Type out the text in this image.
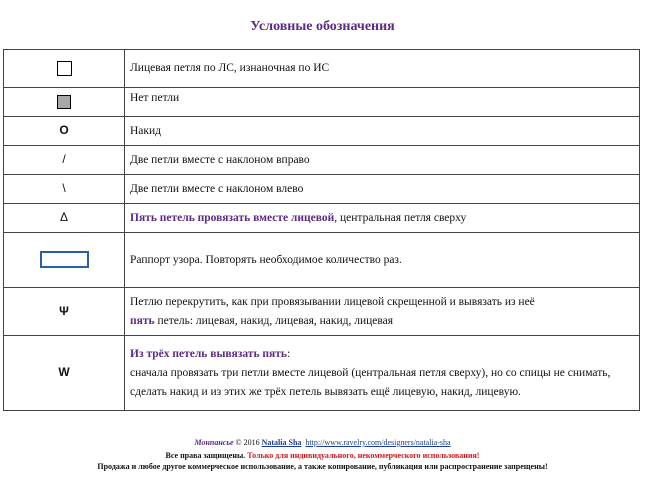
Условные обозначения
	Лицевая петля по ЛС, изнаночная по ИС
	Нет петли
O	Накид
/	Две петли вместе с наклоном вправо
\	Две петли вместе с наклоном влево
Δ	Пять петель провязать вместе лицевой, центральная петля сверху
	Раппорт узора. Повторять необходимое количество раз.
Ψ	Петлю перекрутить, как при провязывании лицевой скрещенной и вывязать из неё
пять петель: лицевая, накид, лицевая, накид, лицевая
W	Из трёх петель вывязать пять:
сначала провязать три петли вместе лицевой (центральная петля сверху), но со спицы не снимать, сделать накид и из этих же трёх петель вывязать ещё лицевую, накид, лицевую.
Монпансье © 2016 Natalia Sha http://www.ravelry.com/designers/natalia-sha
Все права защищены. Только для индивидуального, некоммерческого использования!
Продажа и любое другое коммерческое использование, а также копирование, публикация или распространение запрещены!
